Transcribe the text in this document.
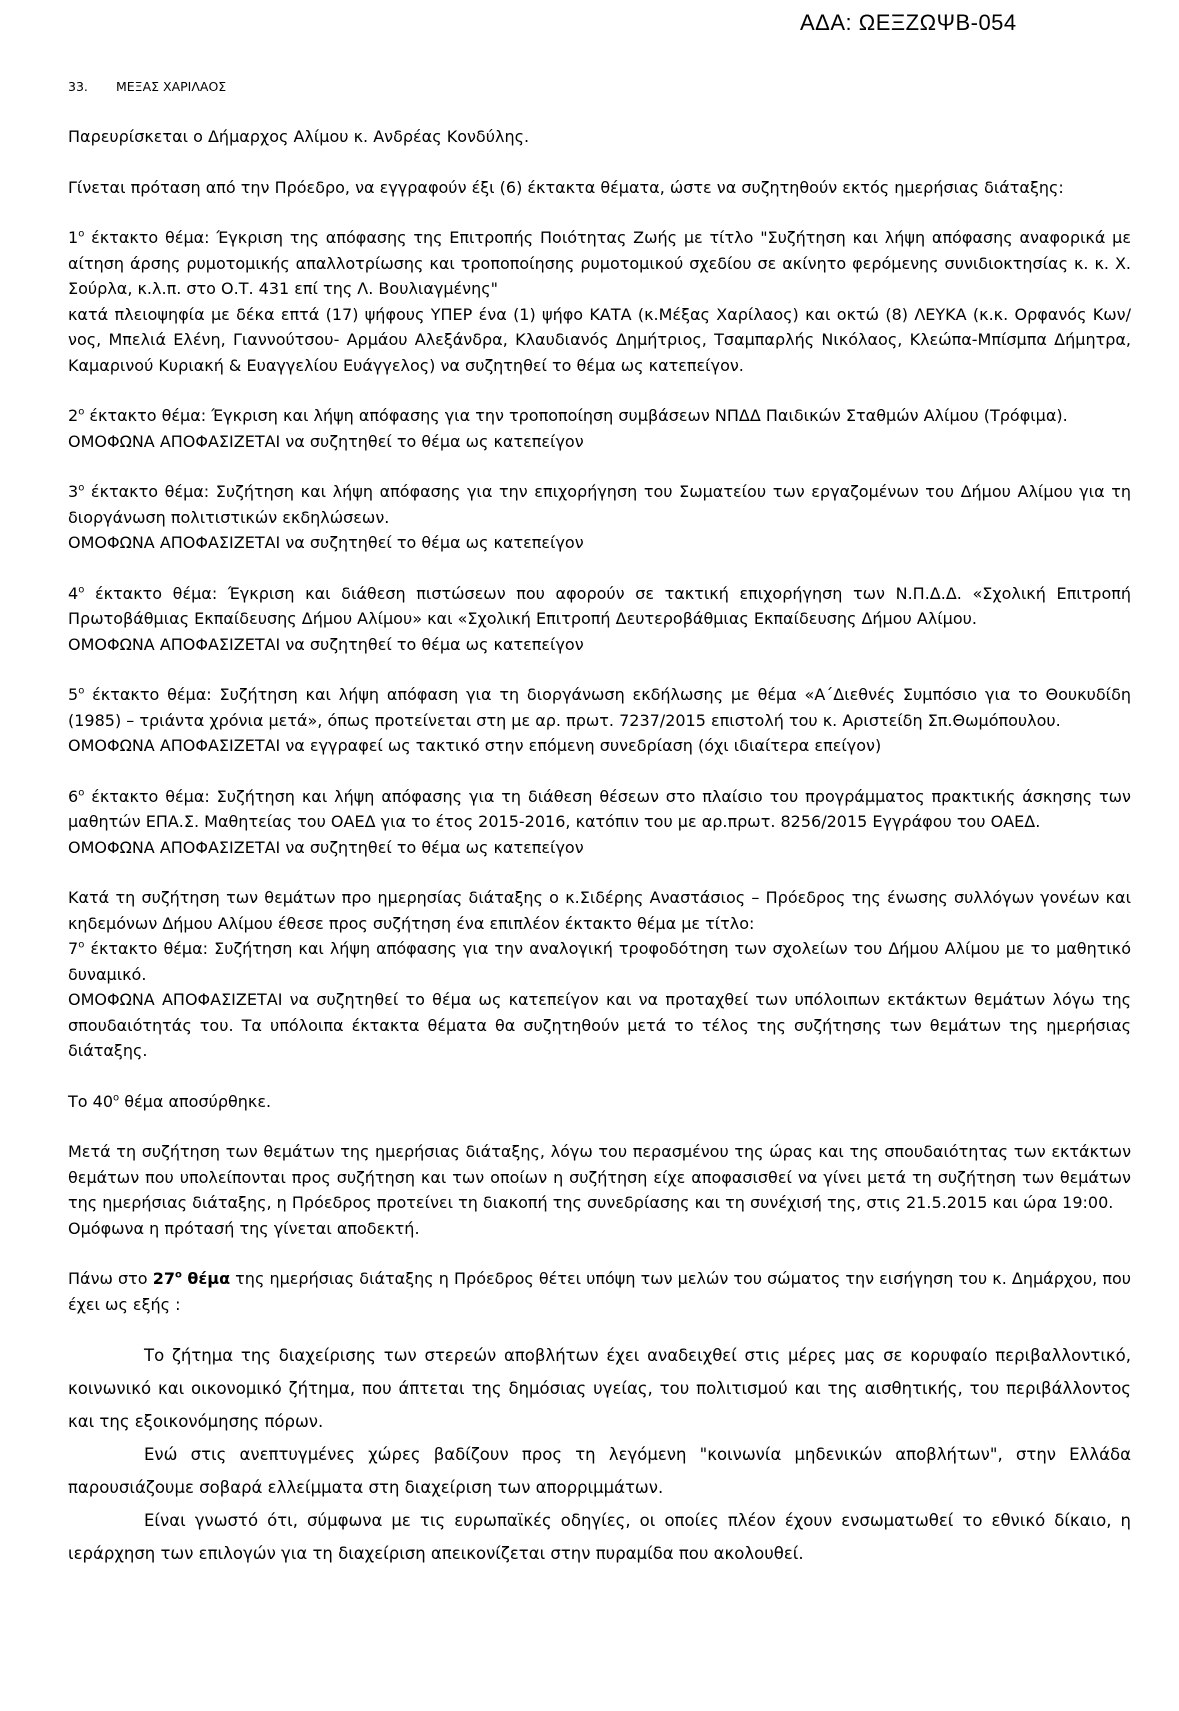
ΑΔΑ: ΩΕΞΖΩΨΒ-054
33. ΜΕΞΑΣ ΧΑΡΙΛΑΟΣ

Παρευρίσκεται ο Δήμαρχος Αλίμου κ. Ανδρέας Κονδύλης.

Γίνεται πρόταση από την Πρόεδρο, να εγγραφούν έξι (6) έκτακτα θέματα, ώστε να συζητηθούν εκτός ημερήσιας διάταξης:

$1^o$ έκτακτο θέμα: Έγκριση της απόφασης της Επιτροπής Ποιότητας Ζωής με τίτλο "Συζήτηση και λήψη απόφασης αναφορικά με αίτηση άρσης ρυμοτομικής απαλλοτρίωσης και τροποποίησης ρυμοτομικού σχεδίου σε ακίνητο φερόμενης συνιδιοκτησίας κ. κ. Χ. Σούρλα, κ.λ.π. στο Ο.Τ. 431 επί της Λ. Βουλιαγμένης"

κατά πλειοψηφία με δέκα επτά (17) ψήφους ΥΠΕΡ ένα (1) ψήφο ΚΑΤΑ (κ.Μέξας Χαρίλαος) και οκτώ (8) ΛΕΥΚΑ (κ.κ. Ορφανός Κων/νος, Μπελιά Ελένη, Γιαννούτσου- Αρμάου Αλεξάνδρα, Κλαυδιανός Δημήτριος, Τσαμπαρλής Νικόλαος, Κλεώπα-Μπίσμπα Δήμητρα, Καμαρινού Κυριακή & Ευαγγελίου Ευάγγελος) να συζητηθεί το θέμα ως κατεπείγον.

$2^o$ έκτακτο θέμα: Έγκριση και λήψη απόφασης για την τροποποίηση συμβάσεων ΝΠΔΔ Παιδικών Σταθμών Αλίμου (Τρόφιμα).

ΟΜΟΦΩΝΑ ΑΠΟΦΑΣΙΖΕΤΑΙ να συζητηθεί το θέμα ως κατεπείγον

$3^o$ έκτακτο θέμα: Συζήτηση και λήψη απόφασης για την επιχορήγηση του Σωματείου των εργαζομένων του Δήμου Αλίμου για τη διοργάνωση πολιτιστικών εκδηλώσεων.

ΟΜΟΦΩΝΑ ΑΠΟΦΑΣΙΖΕΤΑΙ να συζητηθεί το θέμα ως κατεπείγον

$4^o$ έκτακτο θέμα: Έγκριση και διάθεση πιστώσεων που αφορούν σε τακτική επιχορήγηση των Ν.Π.Δ.Δ. «Σχολική Επιτροπή Πρωτοβάθμιας Εκπαίδευσης Δήμου Αλίμου» και «Σχολική Επιτροπή Δευτεροβάθμιας Εκπαίδευσης Δήμου Αλίμου.

ΟΜΟΦΩΝΑ ΑΠΟΦΑΣΙΖΕΤΑΙ να συζητηθεί το θέμα ως κατεπείγον

$5^o$ έκτακτο θέμα: Συζήτηση και λήψη απόφαση για τη διοργάνωση εκδήλωσης με θέμα «Α΄Διεθνές Συμπόσιο για το Θουκυδίδη (1985) – τριάντα χρόνια μετά», όπως προτείνεται στη με αρ. πρωτ. 7237/2015 επιστολή του κ. Αριστείδη Σπ.Θωμόπουλου.

ΟΜΟΦΩΝΑ ΑΠΟΦΑΣΙΖΕΤΑΙ να εγγραφεί ως τακτικό στην επόμενη συνεδρίαση (όχι ιδιαίτερα επείγον)

$6^o$ έκτακτο θέμα: Συζήτηση και λήψη απόφασης για τη διάθεση θέσεων στο πλαίσιο του προγράμματος πρακτικής άσκησης των μαθητών ΕΠΑ.Σ. Μαθητείας του ΟΑΕΔ για το έτος 2015-2016, κατόπιν του με αρ.πρωτ. 8256/2015 Εγγράφου του ΟΑΕΔ.

ΟΜΟΦΩΝΑ ΑΠΟΦΑΣΙΖΕΤΑΙ να συζητηθεί το θέμα ως κατεπείγον

Κατά τη συζήτηση των θεμάτων προ ημερησίας διάταξης ο κ.Σιδέρης Αναστάσιος – Πρόεδρος της ένωσης συλλόγων γονέων και κηδεμόνων Δήμου Αλίμου έθεσε προς συζήτηση ένα επιπλέον έκτακτο θέμα με τίτλο:

$7^o$ έκτακτο θέμα: Συζήτηση και λήψη απόφασης για την αναλογική τροφοδότηση των σχολείων του Δήμου Αλίμου με το μαθητικό δυναμικό.

ΟΜΟΦΩΝΑ ΑΠΟΦΑΣΙΖΕΤΑΙ να συζητηθεί το θέμα ως κατεπείγον και να προταχθεί των υπόλοιπων εκτάκτων θεμάτων λόγω της σπουδαιότητάς του. Τα υπόλοιπα έκτακτα θέματα θα συζητηθούν μετά το τέλος της συζήτησης των θεμάτων της ημερήσιας διάταξης.

Το $40^o$ θέμα αποσύρθηκε.

Μετά τη συζήτηση των θεμάτων της ημερήσιας διάταξης, λόγω του περασμένου της ώρας και της σπουδαιότητας των εκτάκτων θεμάτων που υπολείπονται προς συζήτηση και των οποίων η συζήτηση είχε αποφασισθεί να γίνει μετά τη συζήτηση των θεμάτων της ημερήσιας διάταξης, η Πρόεδρος προτείνει τη διακοπή της συνεδρίασης και τη συνέχισή της, στις 21.5.2015 και ώρα 19:00.

Ομόφωνα η πρότασή της γίνεται αποδεκτή.

Πάνω στο $27^o$ θέμα της ημερήσιας διάταξης η Πρόεδρος θέτει υπόψη των μελών του σώματος την εισήγηση του κ. Δημάρχου, που έχει ως εξής :

Το ζήτημα της διαχείρισης των στερεών αποβλήτων έχει αναδειχθεί στις μέρες μας σε κορυφαίο περιβαλλοντικό, κοινωνικό και οικονομικό ζήτημα, που άπτεται της δημόσιας υγείας, του πολιτισμού και της αισθητικής, του περιβάλλοντος και της εξοικονόμησης πόρων.

Ενώ στις ανεπτυγμένες χώρες βαδίζουν προς τη λεγόμενη "κοινωνία μηδενικών αποβλήτων", στην Ελλάδα παρουσιάζουμε σοβαρά ελλείμματα στη διαχείριση των απορριμμάτων.

Είναι γνωστό ότι, σύμφωνα με τις ευρωπαϊκές οδηγίες, οι οποίες πλέον έχουν ενσωματωθεί το εθνικό δίκαιο, η ιεράρχηση των επιλογών για τη διαχείριση απεικονίζεται στην πυραμίδα που ακολουθεί.
